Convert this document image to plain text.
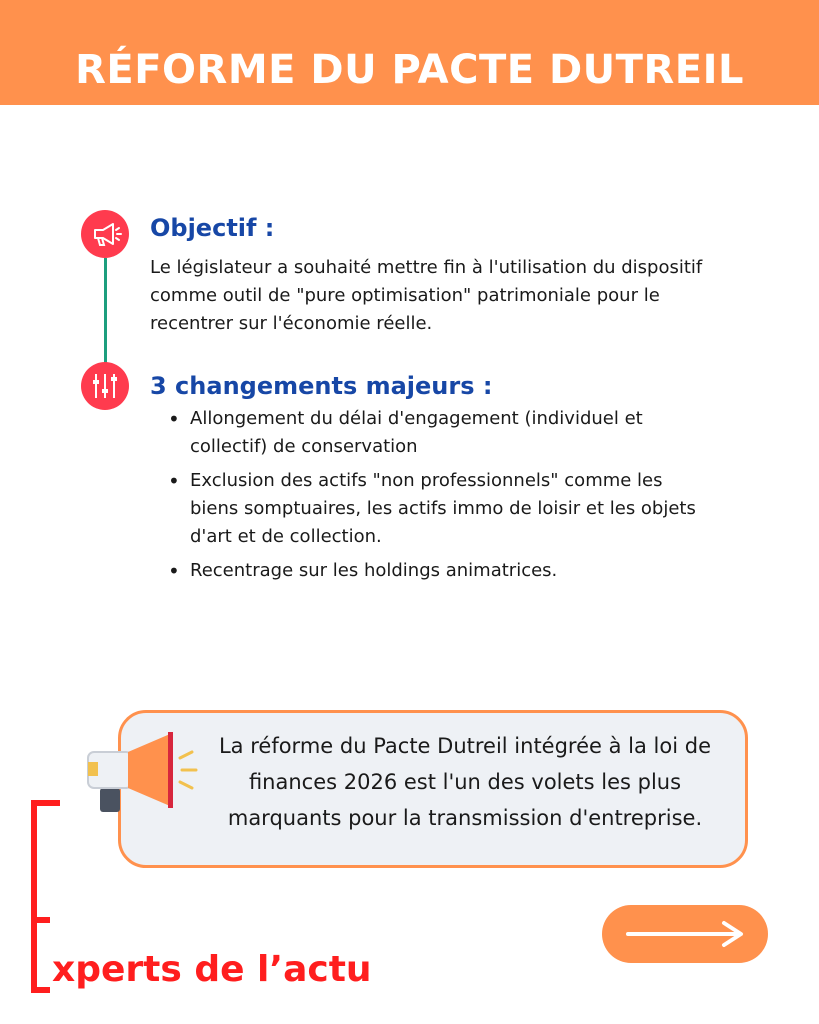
RÉFORME DU PACTE DUTREIL
Objectif :

Le législateur a souhaité mettre fin à l'utilisation du dispositif comme outil de "pure optimisation" patrimoniale pour le recentrer sur l'économie réelle.

3 changements majeurs :
• Allongement du délai d'engagement (individuel et collectif) de conservation
• Exclusion des actifs "non professionnels" comme les biens somptuaires, les actifs immo de loisir et les objets d'art et de collection.
• Recentrage sur les holdings animatrices.

La réforme du Pacte Dutreil intégrée à la loi de finances 2026 est l'un des volets les plus marquants pour la transmission d'entreprise.

xperts de l’actu
